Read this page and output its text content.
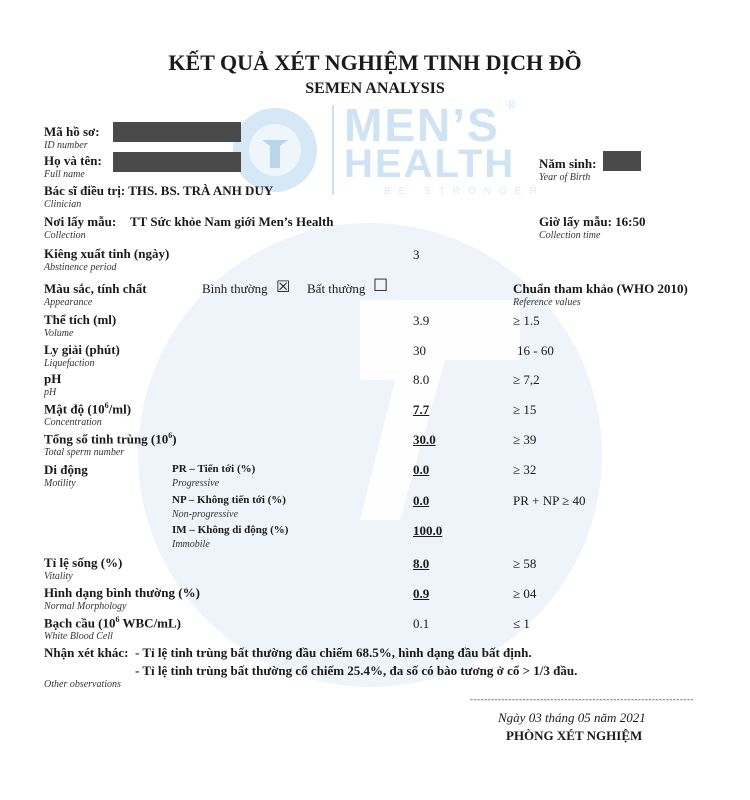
MEN’S ®
HEALTH
BE STRONGER
KẾT QUẢ XÉT NGHIỆM TINH DỊCH ĐỒ
SEMEN ANALYSIS
Mã hồ sơ:
ID number
Họ và tên:
Full name
Năm sinh:
Year of Birth
Bác sĩ điều trị: THS. BS. TRÀ ANH DUY
Clinician
Nơi lấy mẫu: TT Sức khỏe Nam giới Men’s Health
Collection
Giờ lấy mẫu: 16:50
Collection time
Kiêng xuất tinh (ngày)
Abstinence period
3
Màu sắc, tính chất
Appearance
Bình thường ☒ Bất thường ☐	Chuẩn tham khảo (WHO 2010)
Reference values
Thể tích (ml)
Volume
3.9	≥ 1.5
Ly giải (phút)
Liquefaction
30	16 - 60
pH
pH
8.0	≥ 7,2
Mật độ $(10^6/ml)$
Concentration
7.7	≥ 15
Tổng số tinh trùng $(10^6)$
Total sperm number
30.0	≥ 39
Di động
Motility
PR – Tiến tới (%)
Progressive
0.0	≥ 32
NP – Không tiến tới (%)
Non-progressive
0.0	PR + NP ≥ 40
IM – Không di động (%)
Immobile
100.0
Tỉ lệ sống (%)
Vitality
8.0	≥ 58
Hình dạng bình thường (%)
Normal Morphology
0.9	≥ 04
Bạch cầu ($10^6$ WBC/mL)
White Blood Cell
0.1	≤ 1
Nhận xét khác: - Tỉ lệ tinh trùng bất thường đầu chiếm 68.5%, hình dạng đầu bất định.
- Tỉ lệ tinh trùng bất thường cổ chiếm 25.4%, đa số có bào tương ở cổ > 1/3 đầu.
Other observations
----------------------------------------------------------------
Ngày 03 tháng 05 năm 2021
PHÒNG XÉT NGHIỆM
